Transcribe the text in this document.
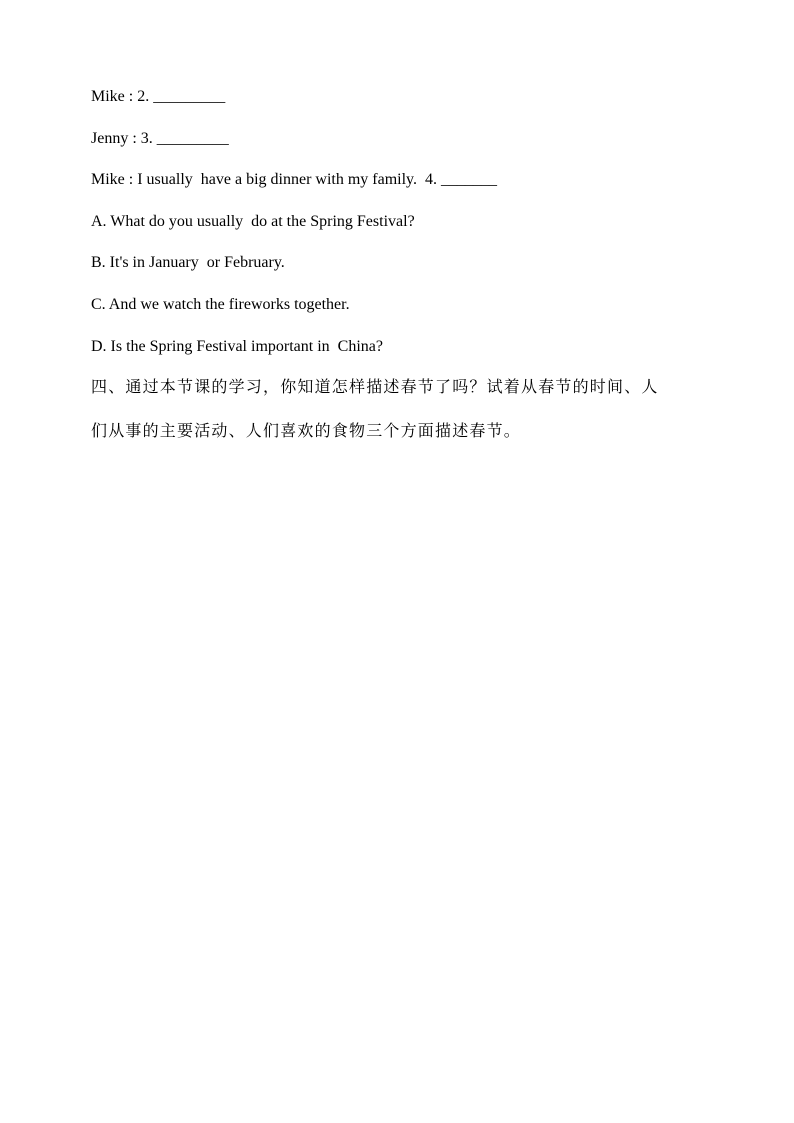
Mike : 2. _________
Jenny : 3. _________
Mike : I usually  have a big dinner with my family.  4. _______
A. What do you usually  do at the Spring Festival?
B. It's in January  or February.
C. And we watch the fireworks together.
D. Is the Spring Festival important in  China?
四、通过本节课的学习，你知道怎样描述春节了吗？试着从春节的时间、人
们从事的主要活动、人们喜欢的食物三个方面描述春节。
